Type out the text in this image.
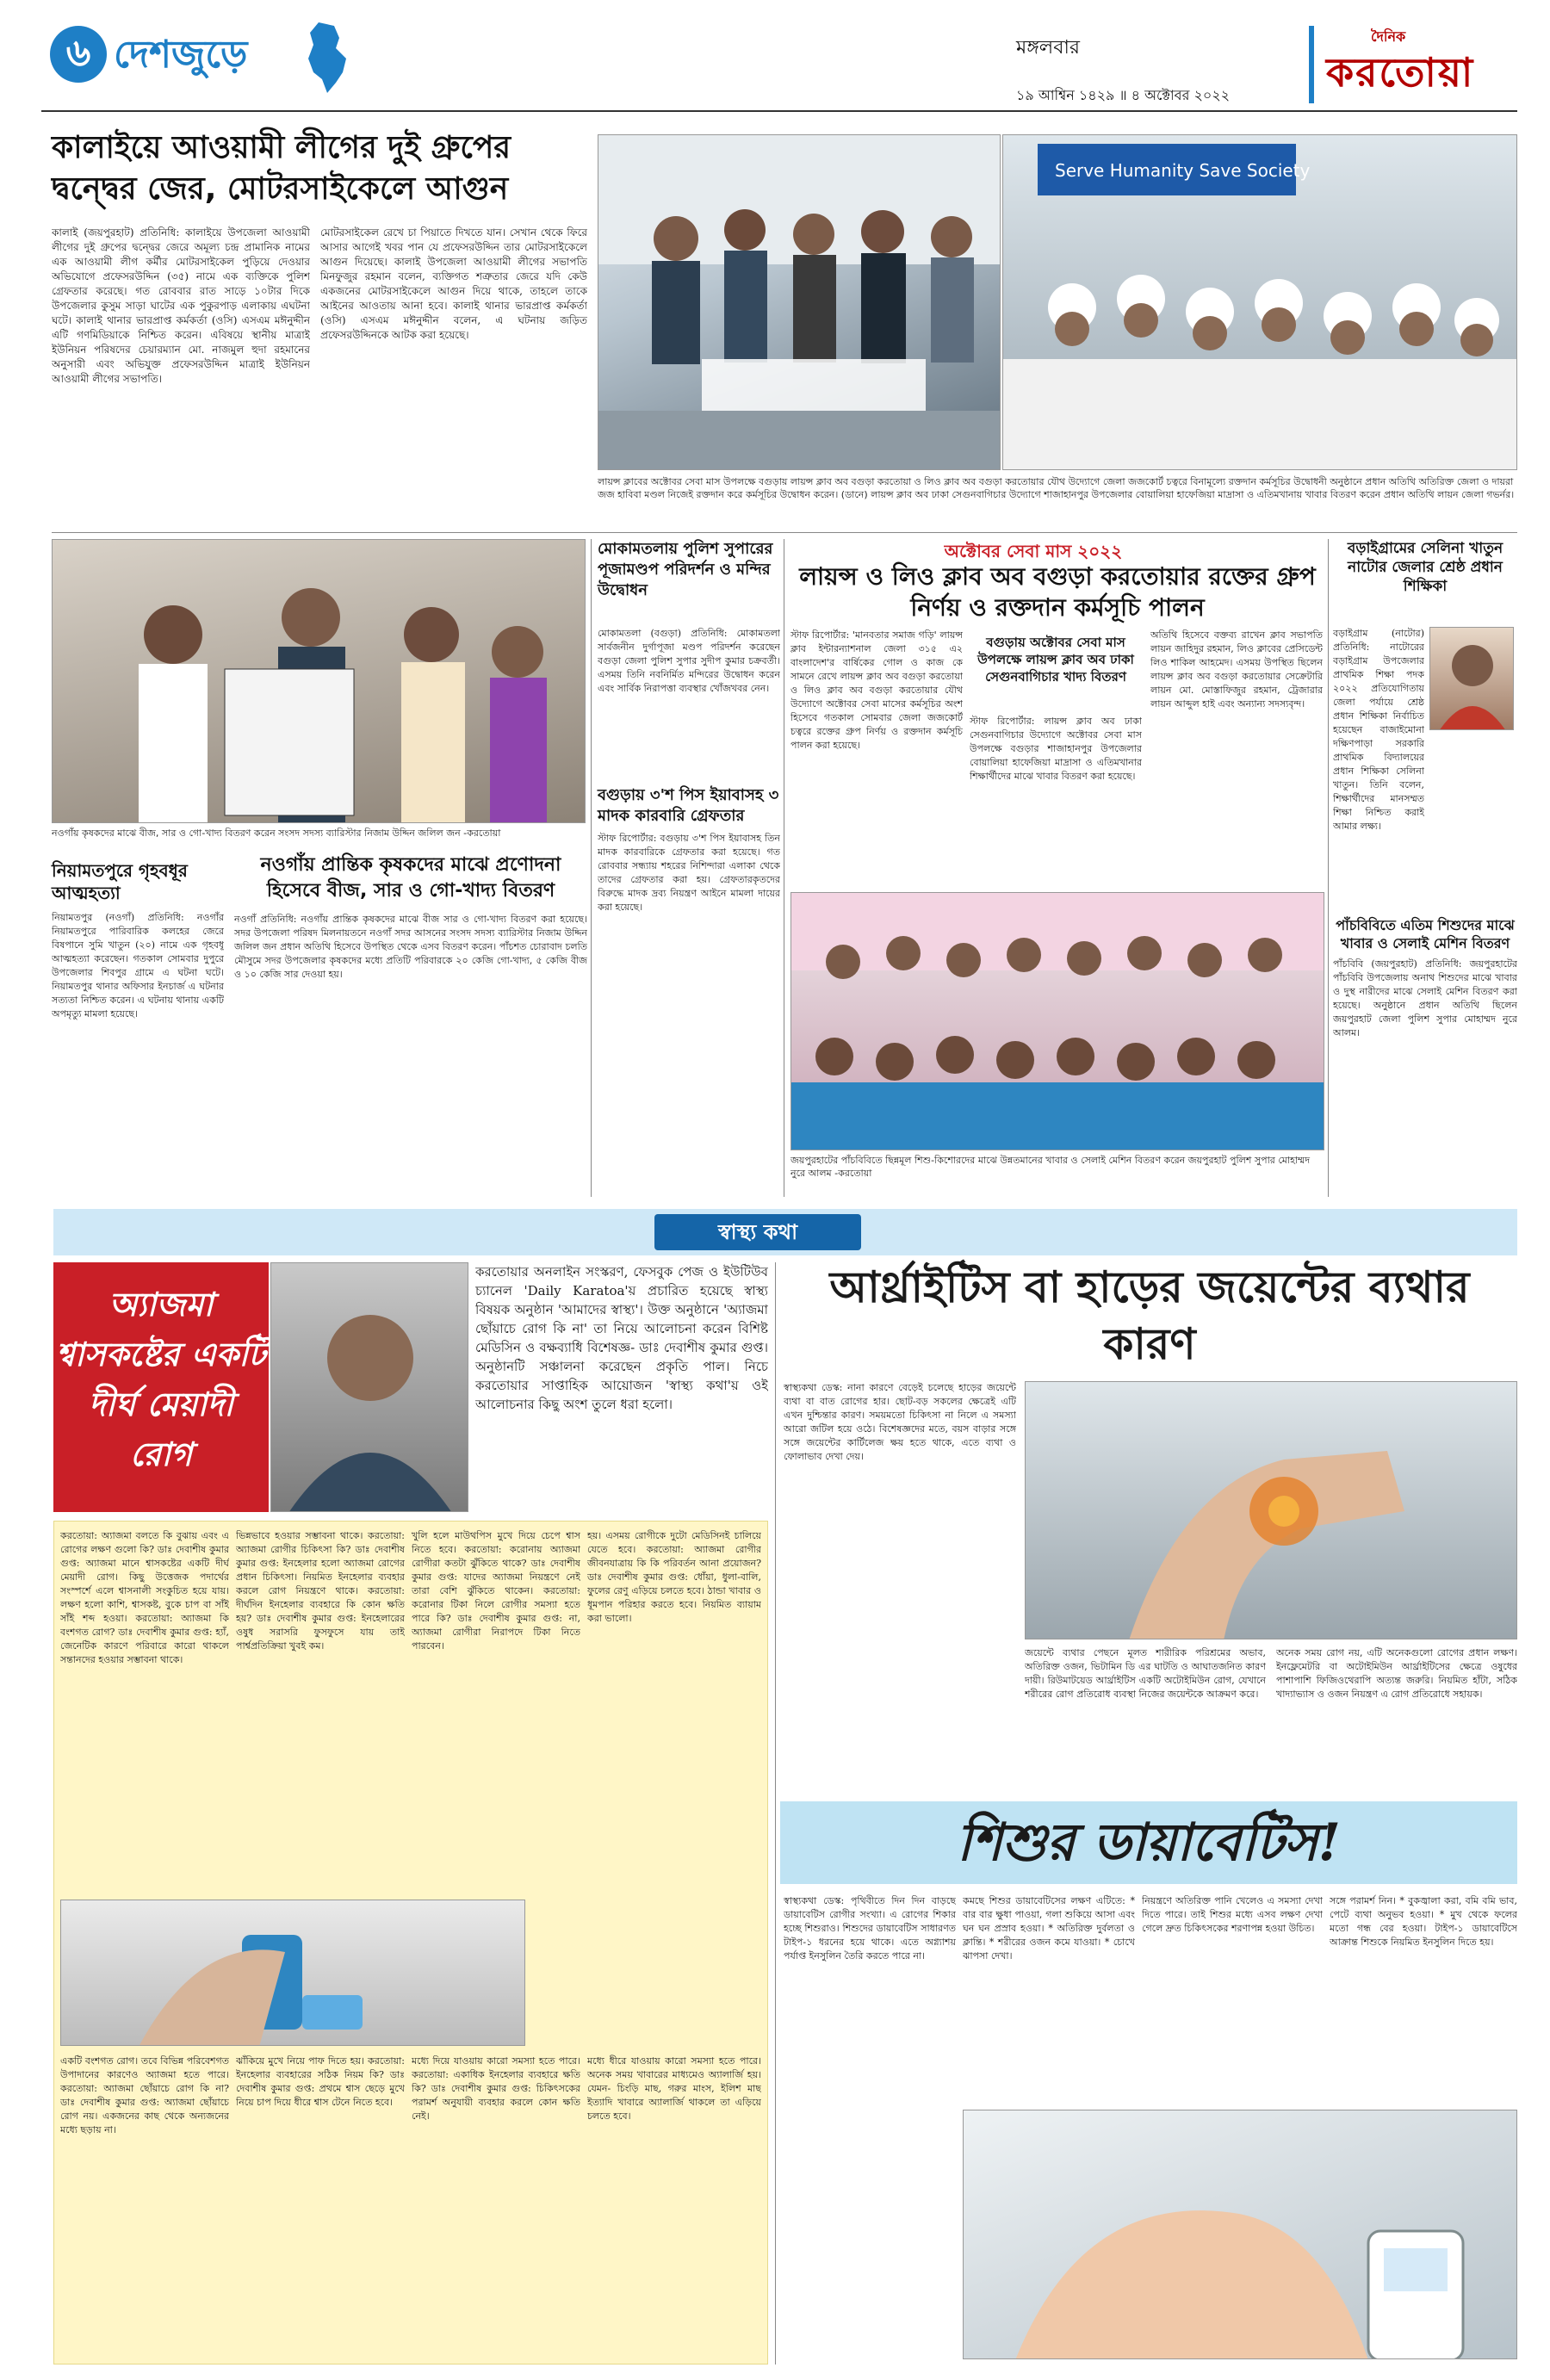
৬ দেশজুড়ে	মঙ্গলবার
১৯ আশ্বিন ১৪২৯ ॥ ৪ অক্টোবর ২০২২
দৈনিক
করতোয়া
কালাইয়ে আওয়ামী লীগের দুই গ্রুপের দ্বন্দ্বের জের, মোটরসাইকেলে আগুন
কালাই (জয়পুরহাট) প্রতিনিধি: কালাইয়ে উপজেলা আওয়ামী লীগের দুই গ্রুপের দ্বন্দ্বের জেরে অমূল্য চন্দ্র প্রামানিক নামের এক আওয়ামী লীগ কর্মীর মোটরসাইকেল পুড়িয়ে দেওয়ার অভিযোগে প্রফেসরউদ্দিন (৩৫) নামে এক ব্যক্তিকে পুলিশ গ্রেফতার করেছে। গত রোববার রাত সাড়ে ১০টার দিকে উপজেলার কুসুম সাড়া ঘাটের এক পুকুরপাড় এলাকায় এঘটনা ঘটে। কালাই থানার ভারপ্রাপ্ত কর্মকর্তা (ওসি) এসএম মঈনুদ্দীন এটি গণমিডিয়াকে নিশ্চিত করেন। এবিষয়ে স্থানীয় মাত্রাই ইউনিয়ন পরিষদের চেয়ারম্যান মো. নাজমুল হুদা রহমানের অনুসারী এবং অভিযুক্ত প্রফেসরউদ্দিন মাত্রাই ইউনিয়ন আওয়ামী লীগের সভাপতি।
মোটরসাইকেল রেখে চা পিয়াতে দিখতে যান। সেখান থেকে ফিরে আসার আগেই খবর পান যে প্রফেসরউদ্দিন তার মোটরসাইকেলে আগুন দিয়েছে। কালাই উপজেলা আওয়ামী লীগের সভাপতি মিনফুজুর রহমান বলেন, ব্যক্তিগত শত্রুতার জেরে যদি কেউ একজনের মোটরসাইকেলে আগুন দিয়ে থাকে, তাহলে তাকে আইনের আওতায় আনা হবে। কালাই থানার ভারপ্রাপ্ত কর্মকর্তা (ওসি) এসএম মঈনুদ্দীন বলেন, এ ঘটনায় জড়িত প্রফেসরউদ্দিনকে আটক করা হয়েছে।
Serve Humanity Save Society
লায়ন্স ক্লাবের অক্টোবর সেবা মাস উপলক্ষে বগুড়ায় লায়ন্স ক্লাব অব বগুড়া করতোয়া ও লিও ক্লাব অব বগুড়া করতোয়ার যৌথ উদ্যোগে জেলা জজকোর্ট চত্বরে বিনামূল্যে রক্তদান কর্মসূচির উদ্বোধনী অনুষ্ঠানে প্রধান অতিথি অতিরিক্ত জেলা ও দায়রা জজ হাবিবা মণ্ডল নিজেই রক্তদান করে কর্মসূচির উদ্বোধন করেন। (ডানে) লায়ন্স ক্লাব অব ঢাকা সেগুনবাগিচার উদ্যোগে শাজাহানপুর উপজেলার বোয়ালিয়া হাফেজিয়া মাদ্রাসা ও এতিমখানায় খাবার বিতরণ করেন প্রধান অতিথি লায়ন জেলা গভর্নর।
নওগাঁয় কৃষকদের মাঝে বীজ, সার ও গো-খাদ্য বিতরণ করেন সংসদ সদস্য ব্যারিস্টার নিজাম উদ্দিন জলিল জন -করতোয়া
মোকামতলায় পুলিশ সুপারের পূজামণ্ডপ পরিদর্শন ও মন্দির উদ্বোধন
মোকামতলা (বগুড়া) প্রতিনিধি: মোকামতলা সার্বজনীন দুর্গাপূজা মণ্ডপ পরিদর্শন করেছেন বগুড়া জেলা পুলিশ সুপার সুদীপ কুমার চক্রবর্তী। এসময় তিনি নবনির্মিত মন্দিরের উদ্বোধন করেন এবং সার্বিক নিরাপত্তা ব্যবস্থার খোঁজখবর নেন।
বগুড়ায় ৩'শ পিস ইয়াবাসহ ৩ মাদক কারবারি গ্রেফতার
স্টাফ রিপোর্টার: বগুড়ায় ৩'শ পিস ইয়াবাসহ তিন মাদক কারবারিকে গ্রেফতার করা হয়েছে। গত রোববার সন্ধ্যায় শহরের নিশিন্দারা এলাকা থেকে তাদের গ্রেফতার করা হয়। গ্রেফতারকৃতদের বিরুদ্ধে মাদক দ্রব্য নিয়ন্ত্রণ আইনে মামলা দায়ের করা হয়েছে।
অক্টোবর সেবা মাস ২০২২
লায়ন্স ও লিও ক্লাব অব বগুড়া করতোয়ার রক্তের গ্রুপ নির্ণয় ও রক্তদান কর্মসূচি পালন
স্টাফ রিপোর্টার: 'মানবতার সমাজ গড়ি' লায়ন্স ক্লাব ইন্টারন্যাশনাল জেলা ৩১৫ এ২ বাংলাদেশ'র বার্ষিকের গোল ও কাজ কে সামনে রেখে লায়ন্স ক্লাব অব বগুড়া করতোয়া ও লিও ক্লাব অব বগুড়া করতোয়ার যৌথ উদ্যোগে অক্টোবর সেবা মাসের কর্মসূচির অংশ হিসেবে গতকাল সোমবার জেলা জজকোর্ট চত্বরে রক্তের গ্রুপ নির্ণয় ও রক্তদান কর্মসূচি পালন করা হয়েছে।
বগুড়ায় অক্টোবর সেবা মাস উপলক্ষে লায়ন্স ক্লাব অব ঢাকা সেগুনবাগিচার খাদ্য বিতরণ
স্টাফ রিপোর্টার: লায়ন্স ক্লাব অব ঢাকা সেগুনবাগিচার উদ্যোগে অক্টোবর সেবা মাস উপলক্ষে বগুড়ার শাজাহানপুর উপজেলার বোয়ালিয়া হাফেজিয়া মাদ্রাসা ও এতিমখানার শিক্ষার্থীদের মাঝে খাবার বিতরণ করা হয়েছে।
অতিথি হিসেবে বক্তব্য রাখেন ক্লাব সভাপতি লায়ন জাহিদুর রহমান, লিও ক্লাবের প্রেসিডেন্ট লিও শাকিল আহমেদ। এসময় উপস্থিত ছিলেন লায়ন্স ক্লাব অব বগুড়া করতোয়ার সেক্রেটারি লায়ন মো. মোস্তাফিজুর রহমান, ট্রেজারার লায়ন আব্দুল হাই এবং অন্যান্য সদস্যবৃন্দ।
বড়াইগ্রামের সেলিনা খাতুন নাটোর জেলার শ্রেষ্ঠ প্রধান শিক্ষিকা
বড়াইগ্রাম (নাটোর) প্রতিনিধি: নাটোরের বড়াইগ্রাম উপজেলার প্রাথমিক শিক্ষা পদক ২০২২ প্রতিযোগিতায় জেলা পর্যায়ে শ্রেষ্ঠ প্রধান শিক্ষিকা নির্বাচিত হয়েছেন বাজাইমোনা দক্ষিণপাড়া সরকারি প্রাথমিক বিদ্যালয়ের প্রধান শিক্ষিকা সেলিনা খাতুন। তিনি বলেন, শিক্ষার্থীদের মানসম্মত শিক্ষা নিশ্চিত করাই আমার লক্ষ্য।
পাঁচবিবিতে এতিম শিশুদের মাঝে খাবার ও সেলাই মেশিন বিতরণ
পাঁচবিবি (জয়পুরহাট) প্রতিনিধি: জয়পুরহাটের পাঁচবিবি উপজেলায় অনাথ শিশুদের মাঝে খাবার ও দুস্থ নারীদের মাঝে সেলাই মেশিন বিতরণ করা হয়েছে। অনুষ্ঠানে প্রধান অতিথি ছিলেন জয়পুরহাট জেলা পুলিশ সুপার মোহাম্মদ নুরে আলম।
জয়পুরহাটের পাঁচবিবিতে ছিন্নমূল শিশু-কিশোরদের মাঝে উন্নতমানের খাবার ও সেলাই মেশিন বিতরণ করেন জয়পুরহাট পুলিশ সুপার মোহাম্মদ নুরে আলম -করতোয়া
নিয়ামতপুরে গৃহবধূর আত্মহত্যা
নিয়ামতপুর (নওগাঁ) প্রতিনিধি: নওগাঁর নিয়ামতপুরে পারিবারিক কলহের জেরে বিষপানে সুমি খাতুন (২০) নামে এক গৃহবধূ আত্মহত্যা করেছেন। গতকাল সোমবার দুপুরে উপজেলার শিবপুর গ্রামে এ ঘটনা ঘটে। নিয়ামতপুর থানার অফিসার ইনচার্জ এ ঘটনার সত্যতা নিশ্চিত করেন। এ ঘটনায় থানায় একটি অপমৃত্যু মামলা হয়েছে।
নওগাঁয় প্রান্তিক কৃষকদের মাঝে প্রণোদনা হিসেবে বীজ, সার ও গো-খাদ্য বিতরণ
নওগাঁ প্রতিনিধি: নওগাঁয় প্রান্তিক কৃষকদের মাঝে বীজ সার ও গো-খাদ্য বিতরণ করা হয়েছে। সদর উপজেলা পরিষদ মিলনায়তনে নওগাঁ সদর আসনের সংসদ সদস্য ব্যারিস্টার নিজাম উদ্দিন জলিল জন প্রধান অতিথি হিসেবে উপস্থিত থেকে এসব বিতরণ করেন। পাঁচশত চোরাবাদ চলতি মৌসুমে সদর উপজেলার কৃষকদের মধ্যে প্রতিটি পরিবারকে ২০ কেজি গো-খাদ্য, ৫ কেজি বীজ ও ১০ কেজি সার দেওয়া হয়।
স্বাস্থ্য কথা
অ্যাজমা শ্বাসকষ্টের একটি দীর্ঘ মেয়াদী রোগ
করতোয়ার অনলাইন সংস্করণ, ফেসবুক পেজ ও ইউটিউব চ্যানেল 'Daily Karatoa'য় প্রচারিত হয়েছে স্বাস্থ্য বিষয়ক অনুষ্ঠান 'আমাদের স্বাস্থ্য'। উক্ত অনুষ্ঠানে 'অ্যাজমা ছোঁয়াচে রোগ কি না' তা নিয়ে আলোচনা করেন বিশিষ্ট মেডিসিন ও বক্ষব্যাধি বিশেষজ্ঞ- ডাঃ দেবাশীষ কুমার গুপ্ত। অনুষ্ঠানটি সঞ্চালনা করেছেন প্রকৃতি পাল। নিচে করতোয়ার সাপ্তাহিক আয়োজন 'স্বাস্থ্য কথা'য় ওই আলোচনার কিছু অংশ তুলে ধরা হলো।
করতোয়া: অ্যাজমা বলতে কি বুঝায় এবং এ রোগের লক্ষণ গুলো কি? ডাঃ দেবাশীষ কুমার গুপ্ত: অ্যাজমা মানে শ্বাসকষ্টের একটি দীর্ঘ মেয়াদী রোগ। কিছু উত্তেজক পদার্থের সংস্পর্শে এলে শ্বাসনালী সংকুচিত হয়ে যায়। লক্ষণ হলো কাশি, শ্বাসকষ্ট, বুকে চাপ বা সাঁই সাঁই শব্দ হওয়া। করতোয়া: অ্যাজমা কি বংশগত রোগ? ডাঃ দেবাশীষ কুমার গুপ্ত: হ্যাঁ, জেনেটিক কারণে পরিবারে কারো থাকলে সন্তানদের হওয়ার সম্ভাবনা থাকে।
ভিন্নভাবে হওয়ার সম্ভাবনা থাকে। করতোয়া: অ্যাজমা রোগীর চিকিৎসা কি? ডাঃ দেবাশীষ কুমার গুপ্ত: ইনহেলার হলো অ্যাজমা রোগের প্রধান চিকিৎসা। নিয়মিত ইনহেলার ব্যবহার করলে রোগ নিয়ন্ত্রণে থাকে। করতোয়া: দীর্ঘদিন ইনহেলার ব্যবহারে কি কোন ক্ষতি হয়? ডাঃ দেবাশীষ কুমার গুপ্ত: ইনহেলারের ওষুধ সরাসরি ফুসফুসে যায় তাই পার্শ্বপ্রতিক্রিয়া খুবই কম।
খুলি হলে মাউথপিস মুখে দিয়ে চেপে শ্বাস নিতে হবে। করতোয়া: করোনায় অ্যাজমা রোগীরা কতটা ঝুঁকিতে থাকে? ডাঃ দেবাশীষ কুমার গুপ্ত: যাদের অ্যাজমা নিয়ন্ত্রণে নেই তারা বেশি ঝুঁকিতে থাকেন। করতোয়া: করোনার টিকা নিলে রোগীর সমস্যা হতে পারে কি? ডাঃ দেবাশীষ কুমার গুপ্ত: না, অ্যাজমা রোগীরা নিরাপদে টিকা নিতে পারবেন।
হয়। এসময় রোগীকে দুটো মেডিসিনই চালিয়ে যেতে হবে। করতোয়া: অ্যাজমা রোগীর জীবনযাত্রায় কি কি পরিবর্তন আনা প্রয়োজন? ডাঃ দেবাশীষ কুমার গুপ্ত: ধোঁয়া, ধুলা-বালি, ফুলের রেণু এড়িয়ে চলতে হবে। ঠান্ডা খাবার ও ধূমপান পরিহার করতে হবে। নিয়মিত ব্যায়াম করা ভালো।
একটি বংশগত রোগ। তবে বিভিন্ন পরিবেশগত উপাদানের কারণেও অ্যাজমা হতে পারে। করতোয়া: অ্যাজমা ছোঁয়াচে রোগ কি না? ডাঃ দেবাশীষ কুমার গুপ্ত: অ্যাজমা ছোঁয়াচে রোগ নয়। একজনের কাছ থেকে অন্যজনের মধ্যে ছড়ায় না।
ঝাঁকিয়ে মুখে নিয়ে পাফ দিতে হয়। করতোয়া: ইনহেলার ব্যবহারের সঠিক নিয়ম কি? ডাঃ দেবাশীষ কুমার গুপ্ত: প্রথমে শ্বাস ছেড়ে মুখে নিয়ে চাপ দিয়ে ধীরে শ্বাস টেনে নিতে হবে।
মধ্যে দিয়ে যাওয়ায় কারো সমস্যা হতে পারে। করতোয়া: একাধিক ইনহেলার ব্যবহারে ক্ষতি কি? ডাঃ দেবাশীষ কুমার গুপ্ত: চিকিৎসকের পরামর্শ অনুযায়ী ব্যবহার করলে কোন ক্ষতি নেই।
মধ্যে ধীরে যাওয়ায় কারো সমস্যা হতে পারে। অনেক সময় খাবারের মাধ্যমেও অ্যালার্জি হয়। যেমন- চিংড়ি মাছ, গরুর মাংস, ইলিশ মাছ ইত্যাদি খাবারে অ্যালার্জি থাকলে তা এড়িয়ে চলতে হবে।
আর্থ্রাইটিস বা হাড়ের জয়েন্টের ব্যথার কারণ
স্বাস্থ্যকথা ডেস্ক: নানা কারণে বেড়েই চলেছে হাড়ের জয়েন্টে ব্যথা বা বাত রোগের হার। ছোট-বড় সকলের ক্ষেত্রেই এটি এখন দুশ্চিন্তার কারণ। সময়মতো চিকিৎসা না নিলে এ সমস্যা আরো জটিল হয়ে ওঠে। বিশেষজ্ঞদের মতে, বয়স বাড়ার সঙ্গে সঙ্গে জয়েন্টের কার্টিলেজ ক্ষয় হতে থাকে, এতে ব্যথা ও ফোলাভাব দেখা দেয়।
জয়েন্টে ব্যথার পেছনে মূলত শারীরিক পরিশ্রমের অভাব, অতিরিক্ত ওজন, ভিটামিন ডি এর ঘাটতি ও আঘাতজনিত কারণ দায়ী। রিউমাটয়েড আর্থ্রাইটিস একটি অটোইমিউন রোগ, যেখানে শরীরের রোগ প্রতিরোধ ব্যবস্থা নিজের জয়েন্টকে আক্রমণ করে।
অনেক সময় রোগ নয়, এটি অনেকগুলো রোগের প্রধান লক্ষণ। ইনফ্লেমেটরি বা অটোইমিউন আর্থ্রাইটিসের ক্ষেত্রে ওষুধের পাশাপাশি ফিজিওথেরাপি অত্যন্ত জরুরি। নিয়মিত হাঁটা, সঠিক খাদ্যাভ্যাস ও ওজন নিয়ন্ত্রণ এ রোগ প্রতিরোধে সহায়ক।
শিশুর ডায়াবেটিস!
স্বাস্থ্যকথা ডেস্ক: পৃথিবীতে দিন দিন বাড়ছে ডায়াবেটিস রোগীর সংখ্যা। এ রোগের শিকার হচ্ছে শিশুরাও। শিশুদের ডায়াবেটিস সাধারণত টাইপ-১ ধরনের হয়ে থাকে। এতে অগ্ন্যাশয় পর্যাপ্ত ইনসুলিন তৈরি করতে পারে না।
কমছে শিশুর ডায়াবেটিসের লক্ষণ এটিতে: * বার বার ক্ষুধা পাওয়া, গলা শুকিয়ে আসা এবং ঘন ঘন প্রস্রাব হওয়া। * অতিরিক্ত দুর্বলতা ও ক্লান্তি। * শরীরের ওজন কমে যাওয়া। * চোখে ঝাপসা দেখা।
নিয়ন্ত্রণে অতিরিক্ত পানি খেলেও এ সমস্যা দেখা দিতে পারে। তাই শিশুর মধ্যে এসব লক্ষণ দেখা গেলে দ্রুত চিকিৎসকের শরণাপন্ন হওয়া উচিত।
সঙ্গে পরামর্শ নিন। * বুকজ্বালা করা, বমি বমি ভাব, পেটে ব্যথা অনুভব হওয়া। * মুখ থেকে ফলের মতো গন্ধ বের হওয়া। টাইপ-১ ডায়াবেটিসে আক্রান্ত শিশুকে নিয়মিত ইনসুলিন দিতে হয়।
